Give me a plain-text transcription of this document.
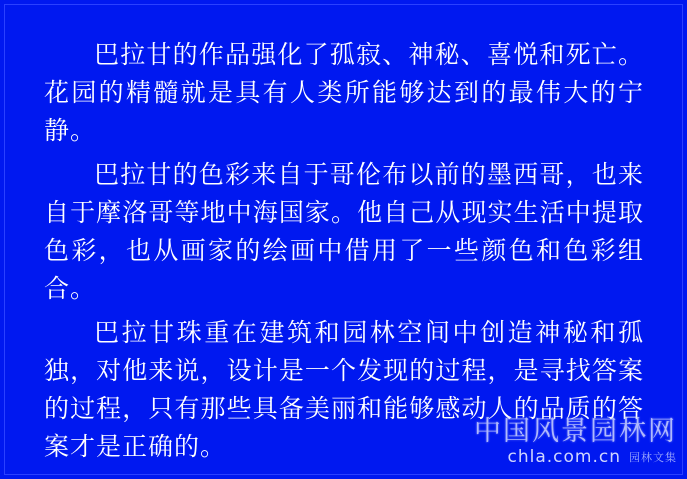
巴拉甘的作品强化了孤寂、神秘、喜悦和死亡。花园的精髓就是具有人类所能够达到的最伟大的宁静。

巴拉甘的色彩来自于哥伦布以前的墨西哥，也来自于摩洛哥等地中海国家。他自己从现实生活中提取色彩，也从画家的绘画中借用了一些颜色和色彩组合。

巴拉甘珠重在建筑和园林空间中创造神秘和孤独，对他来说，设计是一个发现的过程，是寻找答案的过程，只有那些具备美丽和能够感动人的品质的答案才是正确的。	中国风景园林网
chla.com.cn 园林文集
